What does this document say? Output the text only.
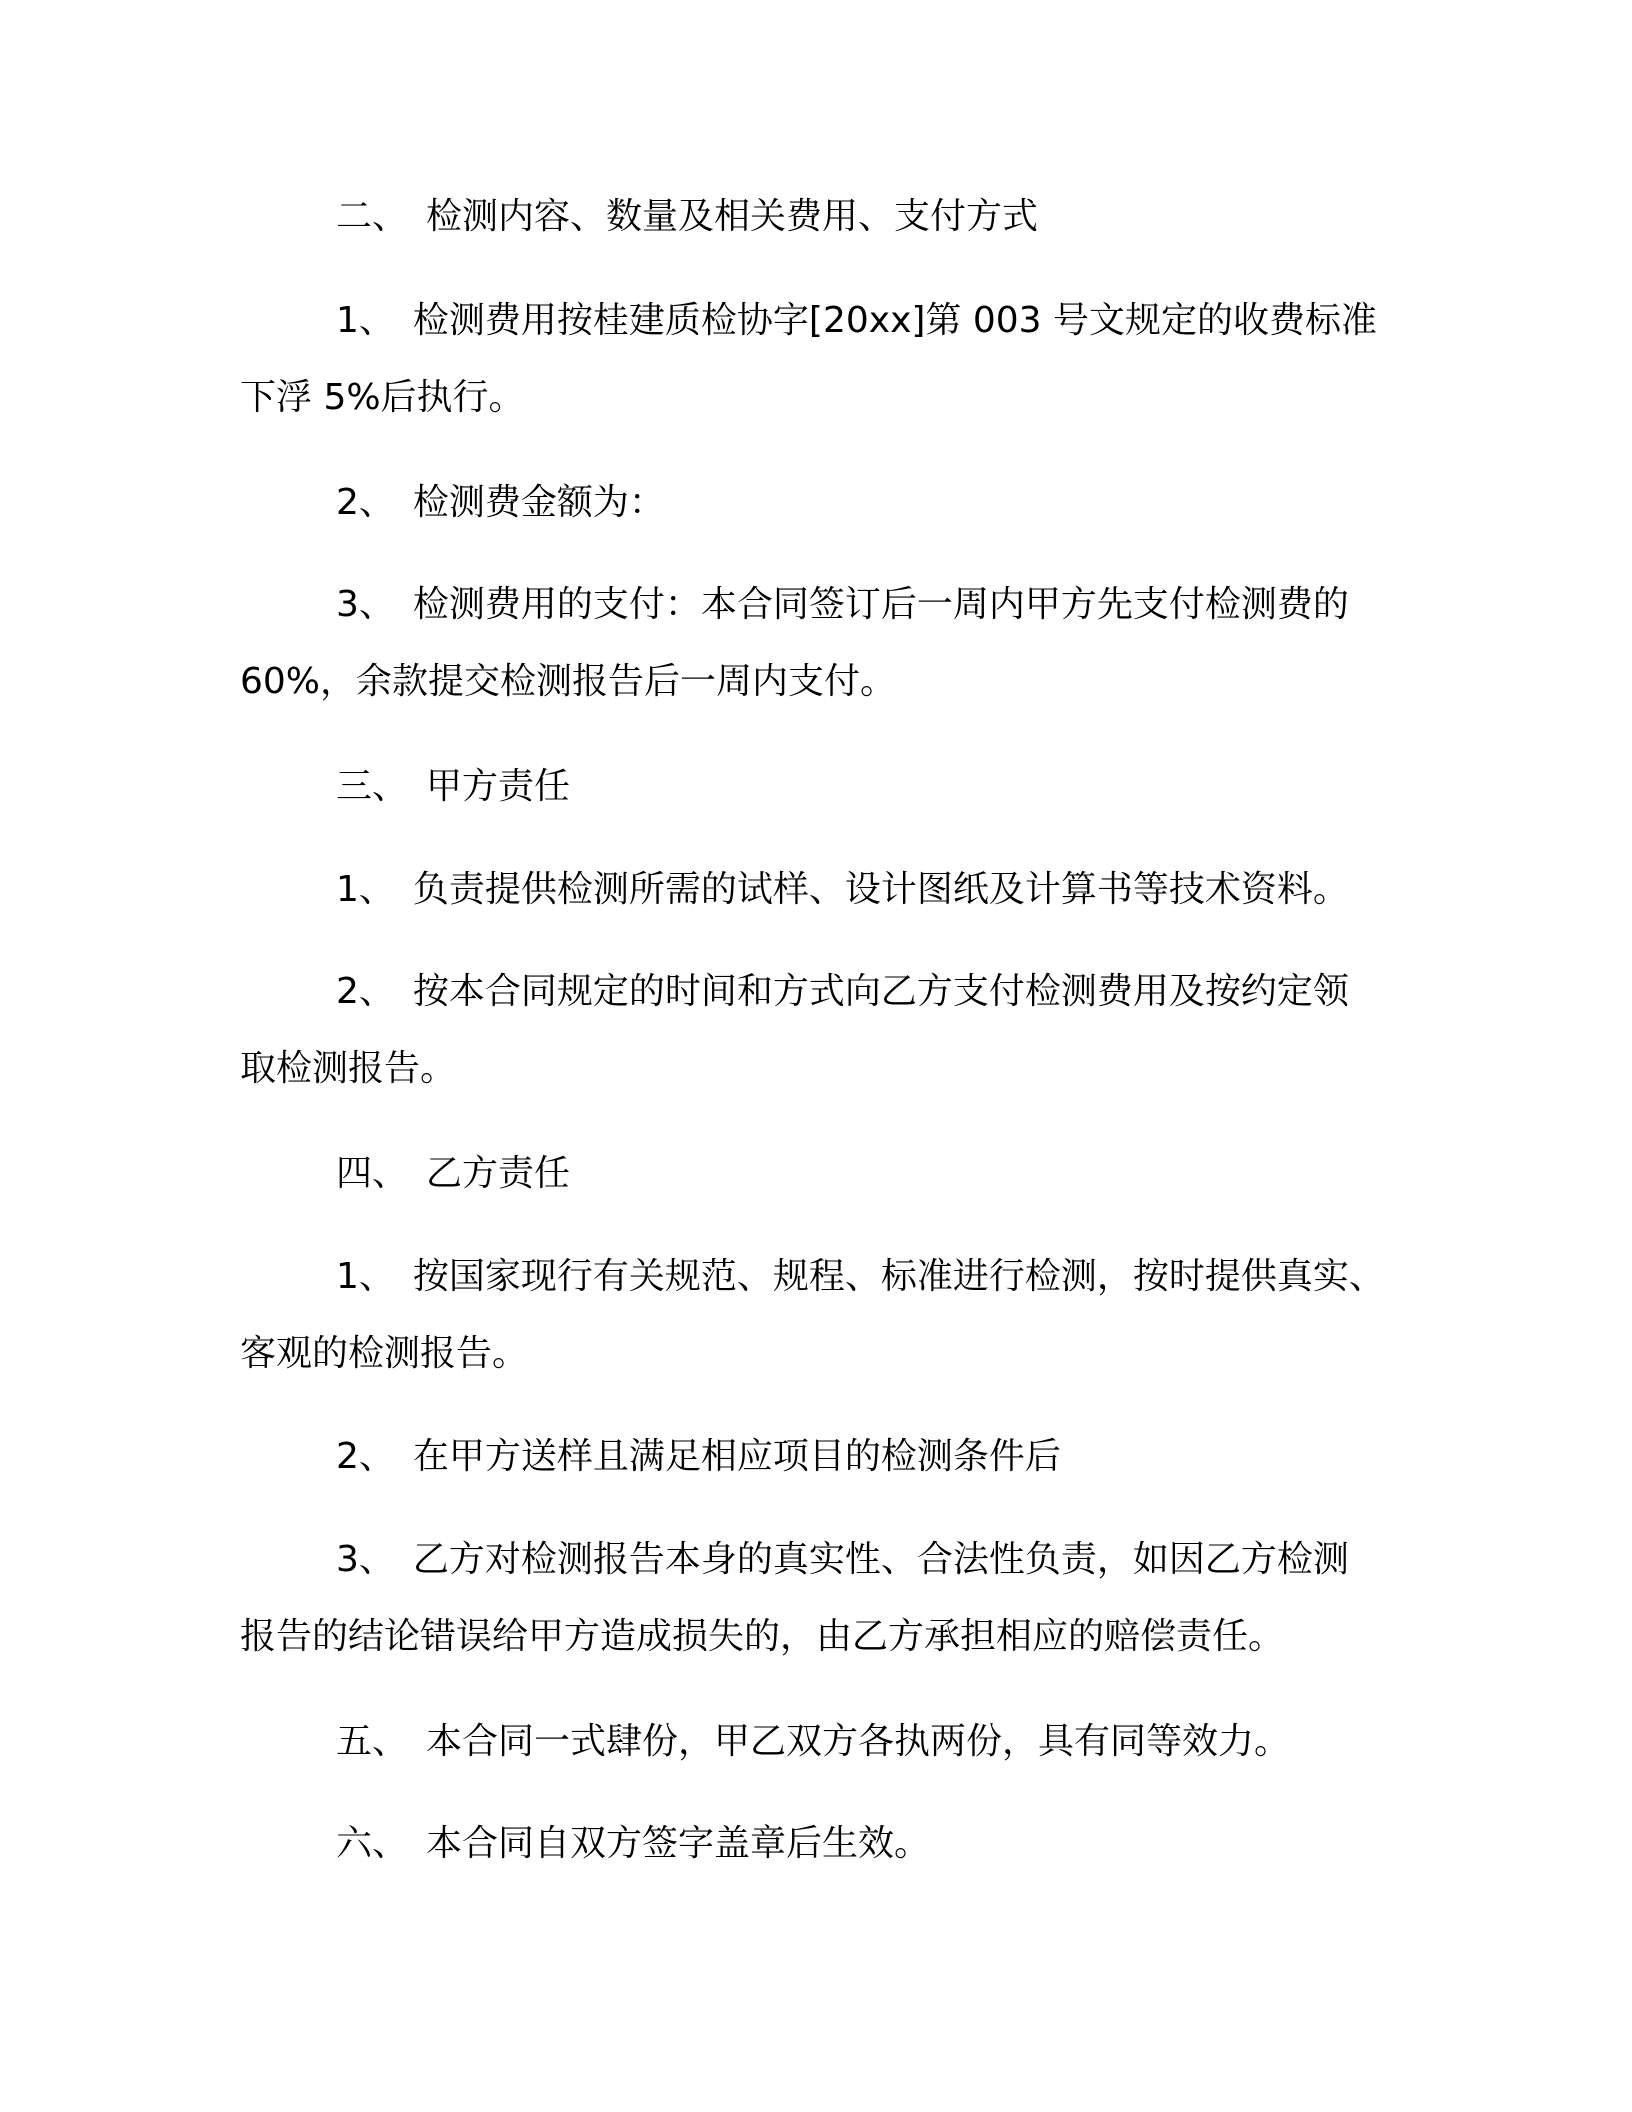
二、 检测内容、数量及相关费用、支付方式
1、 检测费用按桂建质检协字[20xx]第 003 号文规定的收费标准
下浮 5%后执行。
2、 检测费金额为：
3、 检测费用的支付：本合同签订后一周内甲方先支付检测费的
60%，余款提交检测报告后一周内支付。
三、 甲方责任
1、 负责提供检测所需的试样、设计图纸及计算书等技术资料。
2、 按本合同规定的时间和方式向乙方支付检测费用及按约定领
取检测报告。
四、 乙方责任
1、 按国家现行有关规范、规程、标准进行检测，按时提供真实、
客观的检测报告。
2、 在甲方送样且满足相应项目的检测条件后
3、 乙方对检测报告本身的真实性、合法性负责，如因乙方检测
报告的结论错误给甲方造成损失的，由乙方承担相应的赔偿责任。
五、 本合同一式肆份，甲乙双方各执两份，具有同等效力。
六、 本合同自双方签字盖章后生效。
